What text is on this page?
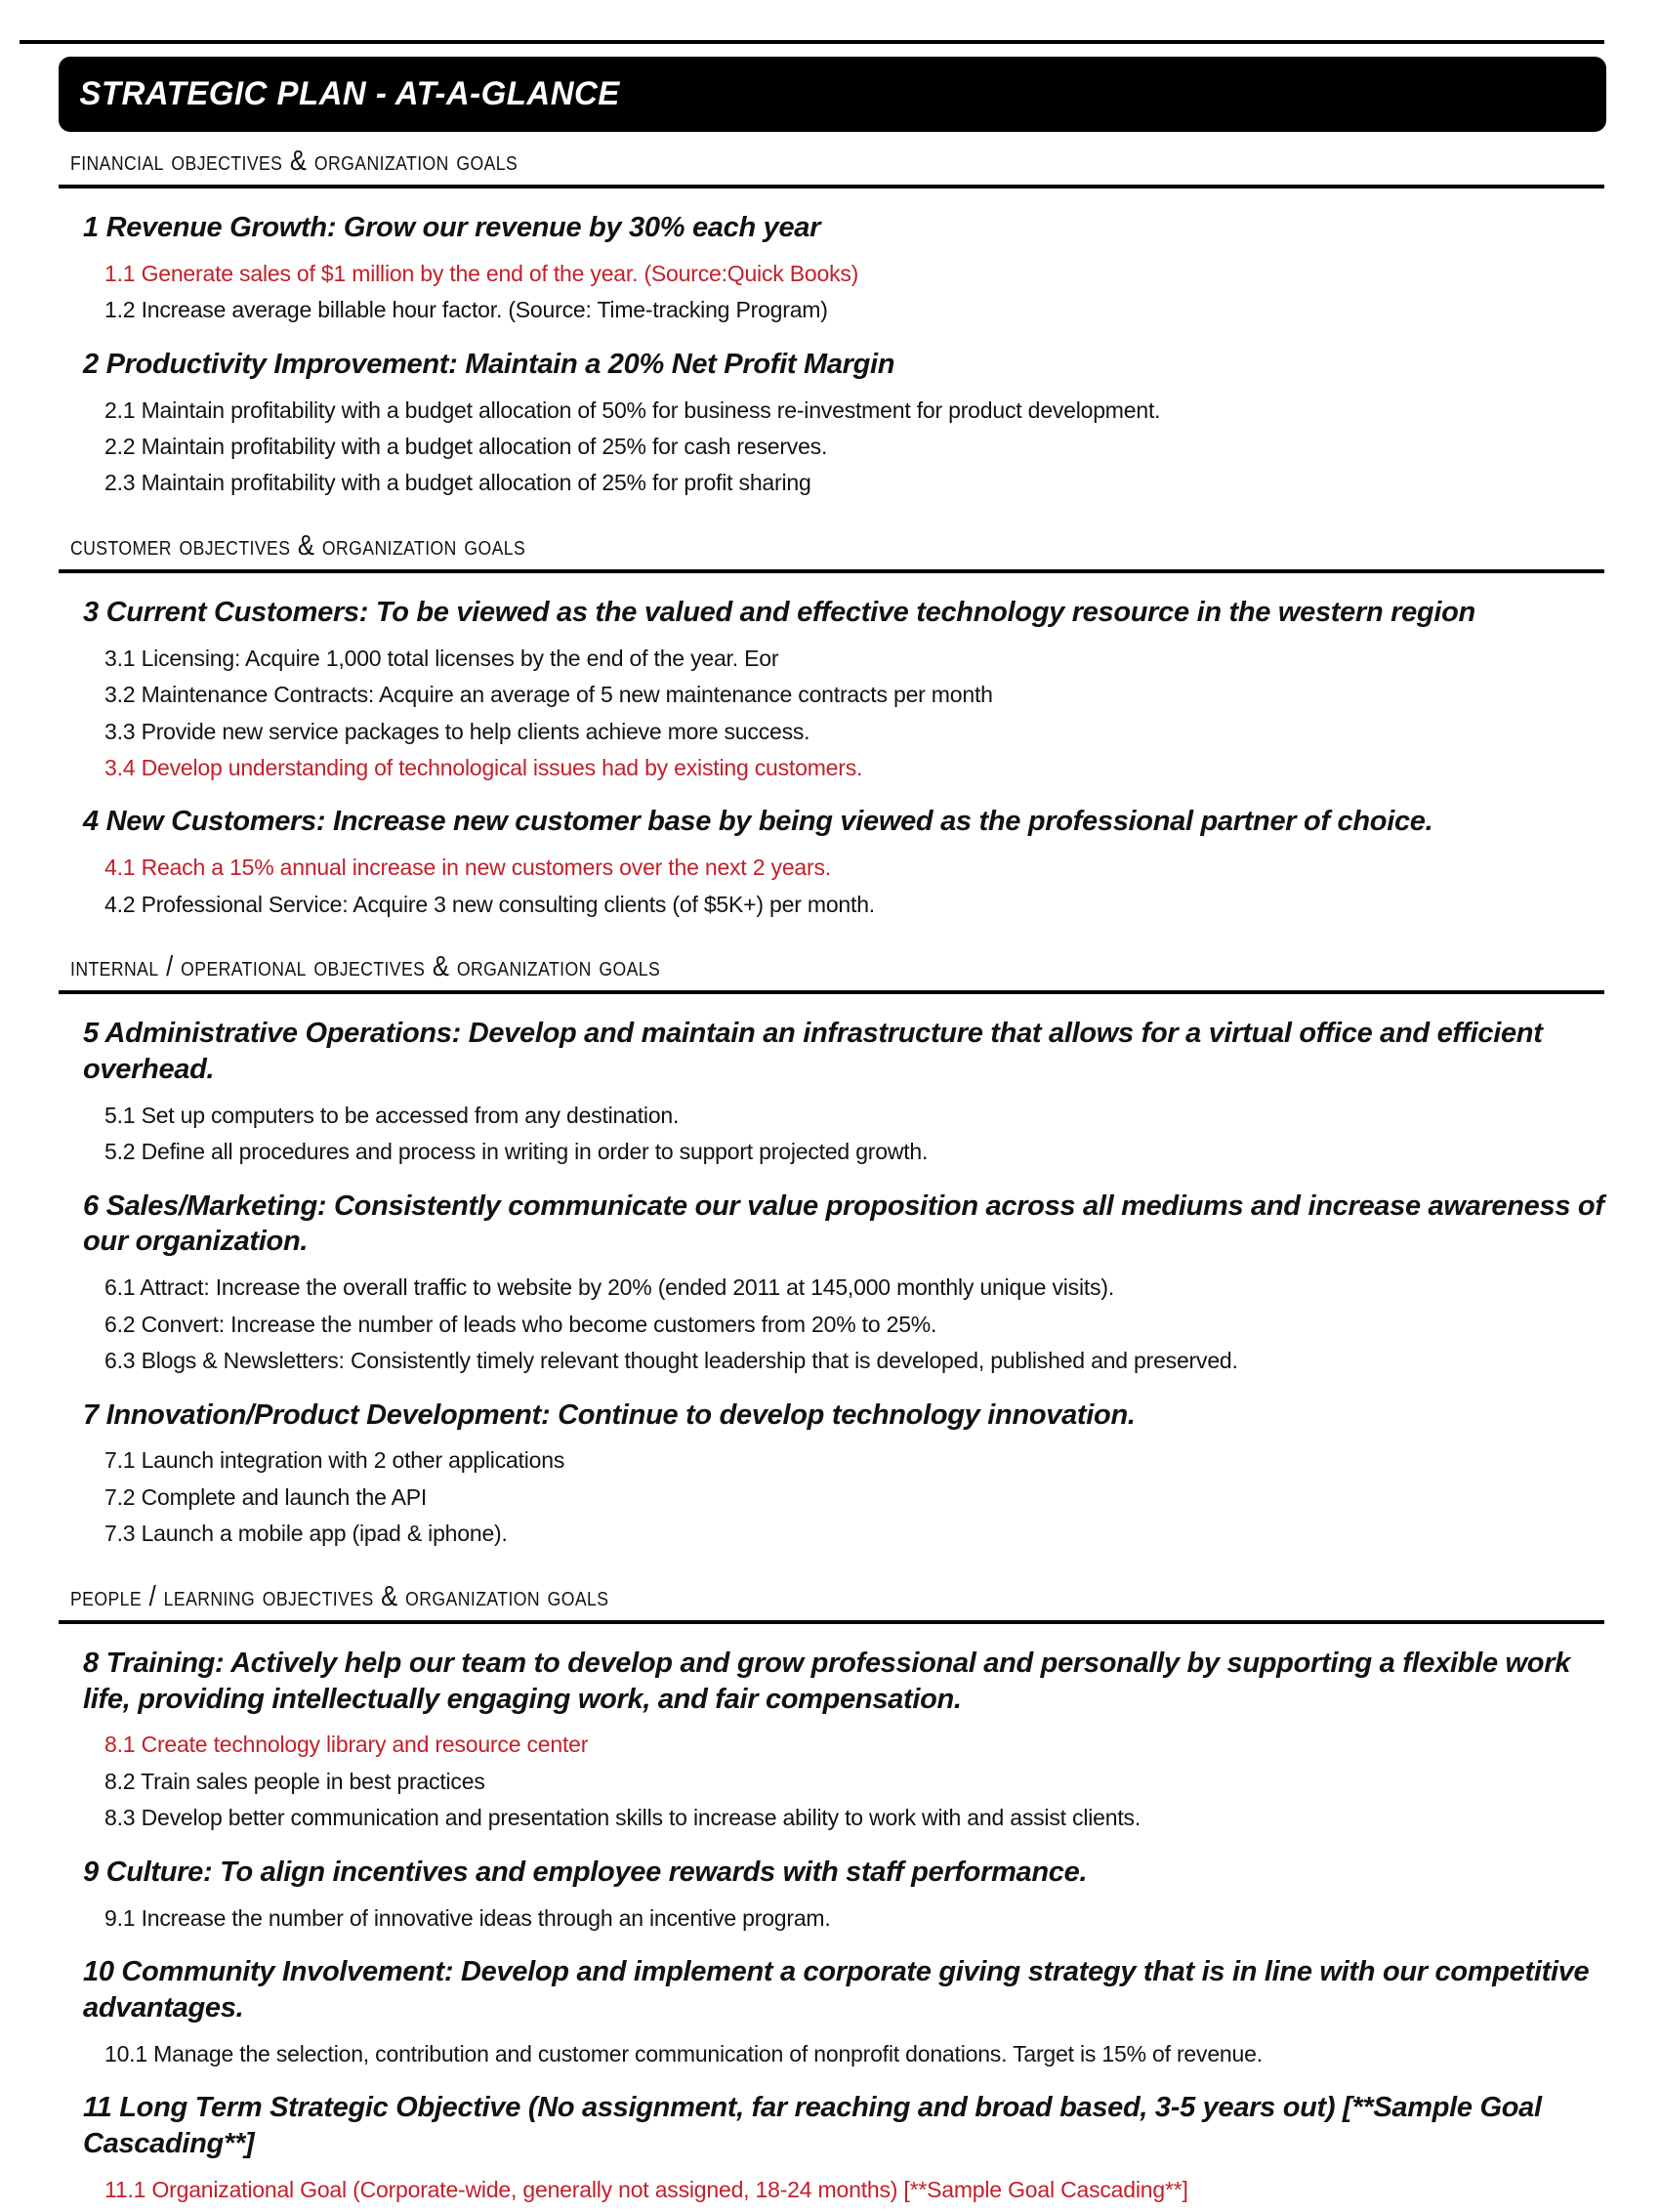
STRATEGIC PLAN - AT-A-GLANCE
financial objectives & organization goals
1 Revenue Growth: Grow our revenue by 30% each year
1.1 Generate sales of $1 million by the end of the year. (Source:Quick Books)
1.2 Increase average billable hour factor. (Source: Time-tracking Program)
2 Productivity Improvement: Maintain a 20% Net Profit Margin
2.1 Maintain profitability with a budget allocation of 50% for business re-investment for product development.
2.2 Maintain profitability with a budget allocation of 25% for cash reserves.
2.3 Maintain profitability with a budget allocation of 25% for profit sharing
customer objectives & organization goals
3 Current Customers: To be viewed as the valued and effective technology resource in the western region
3.1 Licensing: Acquire 1,000 total licenses by the end of the year. Eor
3.2 Maintenance Contracts: Acquire an average of 5 new maintenance contracts per month
3.3 Provide new service packages to help clients achieve more success.
3.4 Develop understanding of technological issues had by existing customers.
4 New Customers: Increase new customer base by being viewed as the professional partner of choice.
4.1 Reach a 15% annual increase in new customers over the next 2 years.
4.2 Professional Service: Acquire 3 new consulting clients (of $5K+) per month.
internal / operational objectives & organization goals
5 Administrative Operations: Develop and maintain an infrastructure that allows for a virtual office and efficient overhead.
5.1 Set up computers to be accessed from any destination.
5.2 Define all procedures and process in writing in order to support projected growth.
6 Sales/Marketing: Consistently communicate our value proposition across all mediums and increase awareness of our organization.
6.1 Attract: Increase the overall traffic to website by 20% (ended 2011 at 145,000 monthly unique visits).
6.2 Convert: Increase the number of leads who become customers from 20% to 25%.
6.3 Blogs & Newsletters: Consistently timely relevant thought leadership that is developed, published and preserved.
7 Innovation/Product Development: Continue to develop technology innovation.
7.1 Launch integration with 2 other applications
7.2 Complete and launch the API
7.3 Launch a mobile app (ipad & iphone).
people / learning objectives & organization goals
8 Training: Actively help our team to develop and grow professional and personally by supporting a flexible work life, providing intellectually engaging work, and fair compensation.
8.1 Create technology library and resource center
8.2 Train sales people in best practices
8.3 Develop better communication and presentation skills to increase ability to work with and assist clients.
9 Culture: To align incentives and employee rewards with staff performance.
9.1 Increase the number of innovative ideas through an incentive program.
10 Community Involvement: Develop and implement a corporate giving strategy that is in line with our competitive advantages.
10.1 Manage the selection, contribution and customer communication of nonprofit donations. Target is 15% of revenue.
11 Long Term Strategic Objective (No assignment, far reaching and broad based, 3-5 years out) [**Sample Goal Cascading**]
11.1 Organizational Goal (Corporate-wide, generally not assigned, 18-24 months) [**Sample Goal Cascading**]
